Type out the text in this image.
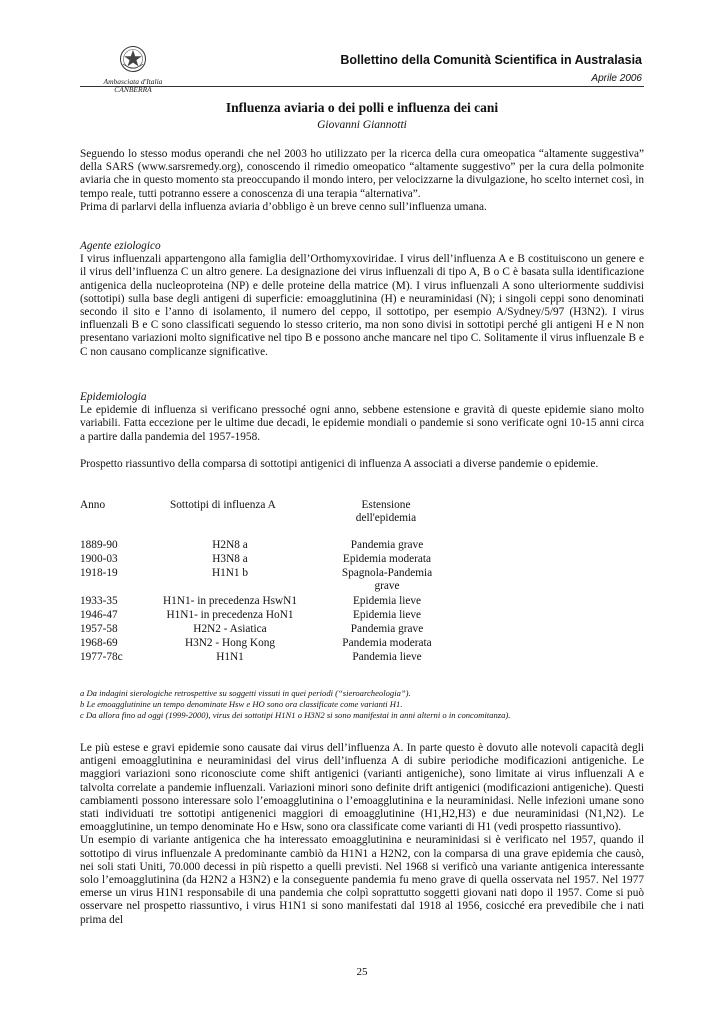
Ambasciata d'Italia
CANBERRA
Bollettino della Comunità Scientifica in Australasia
Aprile 2006
Influenza aviaria o dei polli e influenza dei cani
Giovanni Giannotti

Seguendo lo stesso modus operandi che nel 2003 ho utilizzato per la ricerca della cura omeopatica “altamente suggestiva” della SARS (www.sarsremedy.org), conoscendo il rimedio omeopatico “altamente suggestivo” per la cura della polmonite aviaria che in questo momento sta preoccupando il mondo intero, per velocizzarne la divulgazione, ho scelto internet così, in tempo reale, tutti potranno essere a conoscenza di una terapia “alternativa”.

Prima di parlarvi della influenza aviaria d’obbligo è un breve cenno sull’influenza umana.

Agente eziologico

I virus influenzali appartengono alla famiglia dell’Orthomyxoviridae. I virus dell’influenza A e B costituiscono un genere e il virus dell’influenza C un altro genere. La designazione dei virus influenzali di tipo A, B o C è basata sulla identificazione antigenica della nucleoproteina (NP) e delle proteine della matrice (M). I virus influenzali A sono ulteriormente suddivisi (sottotipi) sulla base degli antigeni di superficie: emoagglutinina (H) e neuraminidasi (N); i singoli ceppi sono denominati secondo il sito e l’anno di isolamento, il numero del ceppo, il sottotipo, per esempio A/Sydney/5/97 (H3N2). I virus influenzali B e C sono classificati seguendo lo stesso criterio, ma non sono divisi in sottotipi perché gli antigeni H e N non presentano variazioni molto significative nel tipo B e possono anche mancare nel tipo C. Solitamente il virus influenzale B e C non causano complicanze significative.

Epidemiologia

Le epidemie di influenza si verificano pressoché ogni anno, sebbene estensione e gravità di queste epidemie siano molto variabili. Fatta eccezione per le ultime due decadi, le epidemie mondiali o pandemie si sono verificate ogni 10-15 anni circa a partire dalla pandemia del 1957-1958.

Prospetto riassuntivo della comparsa di sottotipi antigenici di influenza A associati a diverse pandemie o epidemie.

Anno	Sottotipi di influenza A	Estensione dell'epidemia
1889-90	H2N8 a	Pandemia grave
1900-03	H3N8 a	Epidemia moderata
1918-19	H1N1 b	Spagnola-Pandemia grave
1933-35	H1N1- in precedenza HswN1	Epidemia lieve
1946-47	H1N1- in precedenza HoN1	Epidemia lieve
1957-58	H2N2 - Asiatica	Pandemia grave
1968-69	H3N2 - Hong Kong	Pandemia moderata
1977-78c	H1N1	Pandemia lieve
a Da indagini sierologiche retrospettive su soggetti vissuti in quei periodi (“sieroarcheologia”).
b Le emoagglutinine un tempo denominate Hsw e HO sono ora classificate come varianti H1.
c Da allora fino ad oggi (1999-2000), virus dei sottotipi H1N1 o H3N2 si sono manifestai in anni alterni o in concomitanza).

Le più estese e gravi epidemie sono causate dai virus dell’influenza A. In parte questo è dovuto alle notevoli capacità degli antigeni emoagglutinina e neuraminidasi del virus dell’influenza A di subire periodiche modificazioni antigeniche. Le maggiori variazioni sono riconosciute come shift antigenici (varianti antigeniche), sono limitate ai virus influenzali A e talvolta correlate a pandemie influenzali. Variazioni minori sono definite drift antigenici (modificazioni antigeniche). Questi cambiamenti possono interessare solo l’emoagglutinina o l’emoagglutinina e la neuraminidasi. Nelle infezioni umane sono stati individuati tre sottotipi antigenenici maggiori di emoagglutinine (H1,H2,H3) e due neuraminidasi (N1,N2). Le emoagglutinine, un tempo denominate Ho e Hsw, sono ora classificate come varianti di H1 (vedi prospetto riassuntivo).

Un esempio di variante antigenica che ha interessato emoagglutinina e neuraminidasi si è verificato nel 1957, quando il sottotipo di virus influenzale A predominante cambiò da H1N1 a H2N2, con la comparsa di una grave epidemia che causò, nei soli stati Uniti, 70.000 decessi in più rispetto a quelli previsti. Nel 1968 si verificò una variante antigenica interessante solo l’emoagglutinina (da H2N2 a H3N2) e la conseguente pandemia fu meno grave di quella osservata nel 1957. Nel 1977 emerse un virus H1N1 responsabile di una pandemia che colpì soprattutto soggetti giovani nati dopo il 1957. Come si può osservare nel prospetto riassuntivo, i virus H1N1 si sono manifestati dal 1918 al 1956, cosicché era prevedibile che i nati prima del

25
